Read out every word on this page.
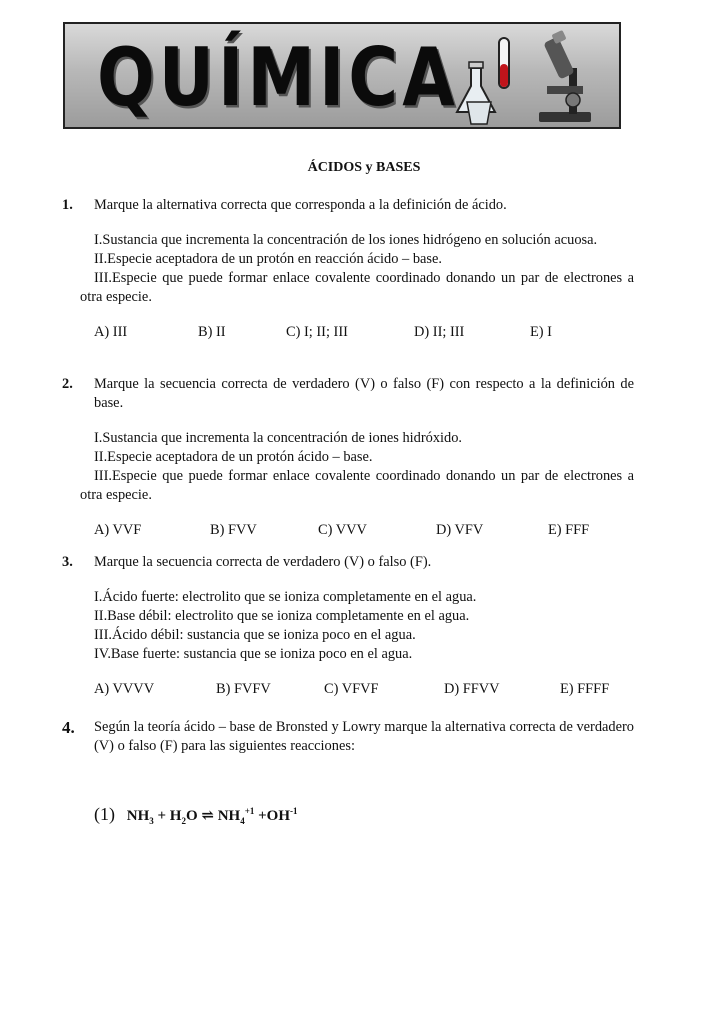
QUÍMICA
ÁCIDOS y BASES
1. Marque la alternativa correcta que corresponda a la definición de ácido.
I.Sustancia que incrementa la concentración de los iones hidrógeno en solución acuosa.
II.Especie aceptadora de un protón en reacción ácido – base.
III.Especie que puede formar enlace covalente coordinado donando un par de electrones a otra especie.
A) III	B) II	C) I; II; III	D) II; III	E) I
2. Marque la secuencia correcta de verdadero (V) o falso (F) con respecto a la definición de base.
I.Sustancia que incrementa la concentración de iones hidróxido.
II.Especie aceptadora de un protón ácido – base.
III.Especie que puede formar enlace covalente coordinado donando un par de electrones a otra especie.
A) VVF	B) FVV	C) VVV	D) VFV	E) FFF
3. Marque la secuencia correcta de verdadero (V) o falso (F).
I.Ácido fuerte: electrolito que se ioniza completamente en el agua.
II.Base débil: electrolito que se ioniza completamente en el agua.
III.Ácido débil: sustancia que se ioniza poco en el agua.
IV.Base fuerte: sustancia que se ioniza poco en el agua.
A) VVVV	B) FVFV	C) VFVF	D) FFVV	E) FFFF
4. Según la teoría ácido – base de Bronsted y Lowry marque la alternativa correcta de verdadero (V) o falso (F) para las siguientes reacciones:
(1) $NH_3 + H_2O$ ⇌ $NH_4^{+1} +OH^{-1}$
